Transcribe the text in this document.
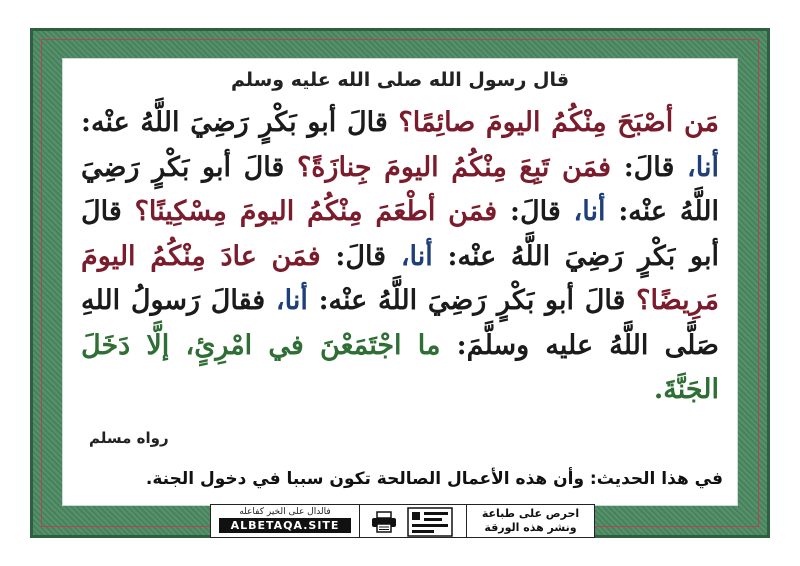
قال رسول الله صلى الله عليه وسلم
مَن أصْبَحَ مِنْكُمُ اليومَ صائِمًا؟ قالَ أبو بَكْرٍ رَضِيَ اللَّهُ عنْه: أنا، قالَ: فمَن تَبِعَ مِنْكُمُ اليومَ جِنازَةً؟ قالَ أبو بَكْرٍ رَضِيَ اللَّهُ عنْه: أنا، قالَ: فمَن أطْعَمَ مِنْكُمُ اليومَ مِسْكِينًا؟ قالَ أبو بَكْرٍ رَضِيَ اللَّهُ عنْه: أنا، قالَ: فمَن عادَ مِنْكُمُ اليومَ مَرِيضًا؟ قالَ أبو بَكْرٍ رَضِيَ اللَّهُ عنْه: أنا، فقالَ رَسولُ اللهِ صَلَّى اللَّهُ عليه وسلَّمَ: ما اجْتَمَعْنَ في امْرِئٍ، إلَّا دَخَلَ الجَنَّةَ.
رواه مسلم
في هذا الحديث: وأن هذه الأعمال الصالحة تكون سببا في دخول الجنة.
فالدال على الخير كفاعله
ALBETAQA.SITE
احرص على طباعة
ونشر هذه الورقة
